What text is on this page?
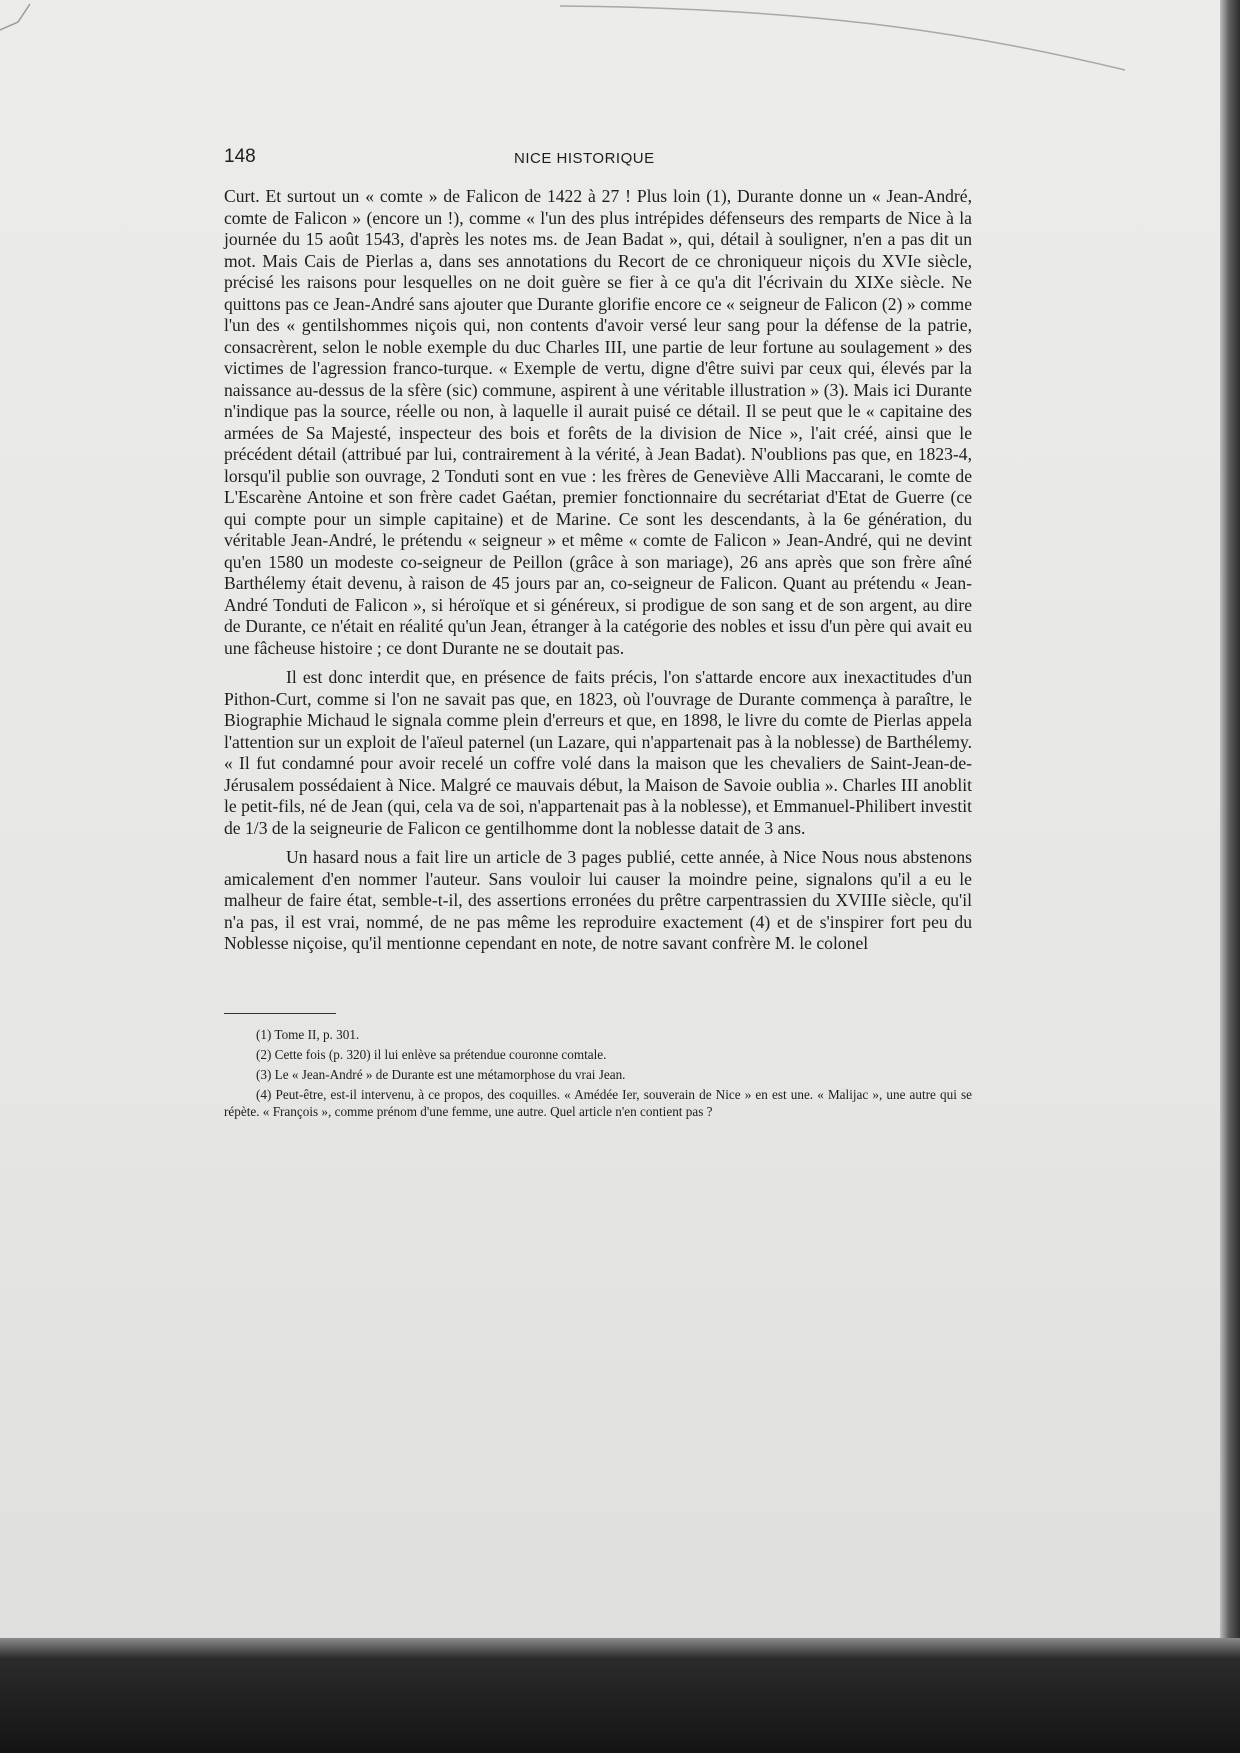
148	NICE HISTORIQUE

Curt. Et surtout un « comte » de Falicon de 1422 à 27 ! Plus loin (1), Durante donne un « Jean-André, comte de Falicon » (encore un !), comme « l'un des plus intrépides défenseurs des remparts de Nice à la journée du 15 août 1543, d'après les notes ms. de Jean Badat », qui, détail à souligner, n'en a pas dit un mot. Mais Cais de Pierlas a, dans ses annotations du Recort de ce chroniqueur niçois du XVIe siècle, précisé les raisons pour lesquelles on ne doit guère se fier à ce qu'a dit l'écrivain du XIXe siècle. Ne quittons pas ce Jean-André sans ajouter que Durante glorifie encore ce « seigneur de Falicon (2) » comme l'un des « gentilshommes niçois qui, non contents d'avoir versé leur sang pour la défense de la patrie, consacrèrent, selon le noble exemple du duc Charles III, une partie de leur fortune au soulagement » des victimes de l'agression franco-turque. « Exemple de vertu, digne d'être suivi par ceux qui, élevés par la naissance au-dessus de la sfère (sic) commune, aspirent à une véritable illustration » (3). Mais ici Durante n'indique pas la source, réelle ou non, à laquelle il aurait puisé ce détail. Il se peut que le « capitaine des armées de Sa Majesté, inspecteur des bois et forêts de la division de Nice », l'ait créé, ainsi que le précédent détail (attribué par lui, contrairement à la vérité, à Jean Badat). N'oublions pas que, en 1823-4, lorsqu'il publie son ouvrage, 2 Tonduti sont en vue : les frères de Geneviève Alli Maccarani, le comte de L'Escarène Antoine et son frère cadet Gaétan, premier fonctionnaire du secrétariat d'Etat de Guerre (ce qui compte pour un simple capitaine) et de Marine. Ce sont les descendants, à la 6e génération, du véritable Jean-André, le prétendu « seigneur » et même « comte de Falicon » Jean-André, qui ne devint qu'en 1580 un modeste co-seigneur de Peillon (grâce à son mariage), 26 ans après que son frère aîné Barthélemy était devenu, à raison de 45 jours par an, co-seigneur de Falicon. Quant au prétendu « Jean-André Tonduti de Falicon », si héroïque et si généreux, si prodigue de son sang et de son argent, au dire de Durante, ce n'était en réalité qu'un Jean, étranger à la catégorie des nobles et issu d'un père qui avait eu une fâcheuse histoire ; ce dont Durante ne se doutait pas.

Il est donc interdit que, en présence de faits précis, l'on s'attarde encore aux inexactitudes d'un Pithon-Curt, comme si l'on ne savait pas que, en 1823, où l'ouvrage de Durante commença à paraître, le Biographie Michaud le signala comme plein d'erreurs et que, en 1898, le livre du comte de Pierlas appela l'attention sur un exploit de l'aïeul paternel (un Lazare, qui n'appartenait pas à la noblesse) de Barthélemy. « Il fut condamné pour avoir recelé un coffre volé dans la maison que les chevaliers de Saint-Jean-de-Jérusalem possédaient à Nice. Malgré ce mauvais début, la Maison de Savoie oublia ». Charles III anoblit le petit-fils, né de Jean (qui, cela va de soi, n'appartenait pas à la noblesse), et Emmanuel-Philibert investit de 1/3 de la seigneurie de Falicon ce gentilhomme dont la noblesse datait de 3 ans.

Un hasard nous a fait lire un article de 3 pages publié, cette année, à Nice Nous nous abstenons amicalement d'en nommer l'auteur. Sans vouloir lui causer la moindre peine, signalons qu'il a eu le malheur de faire état, semble-t-il, des assertions erronées du prêtre carpentrassien du XVIIIe siècle, qu'il n'a pas, il est vrai, nommé, de ne pas même les reproduire exactement (4) et de s'inspirer fort peu du Noblesse niçoise, qu'il mentionne cependant en note, de notre savant confrère M. le colonel

(1) Tome II, p. 301.

(2) Cette fois (p. 320) il lui enlève sa prétendue couronne comtale.

(3) Le « Jean-André » de Durante est une métamorphose du vrai Jean.

(4) Peut-être, est-il intervenu, à ce propos, des coquilles. « Amédée Ier, souverain de Nice » en est une. « Malijac », une autre qui se répète. « François », comme prénom d'une femme, une autre. Quel article n'en contient pas ?
